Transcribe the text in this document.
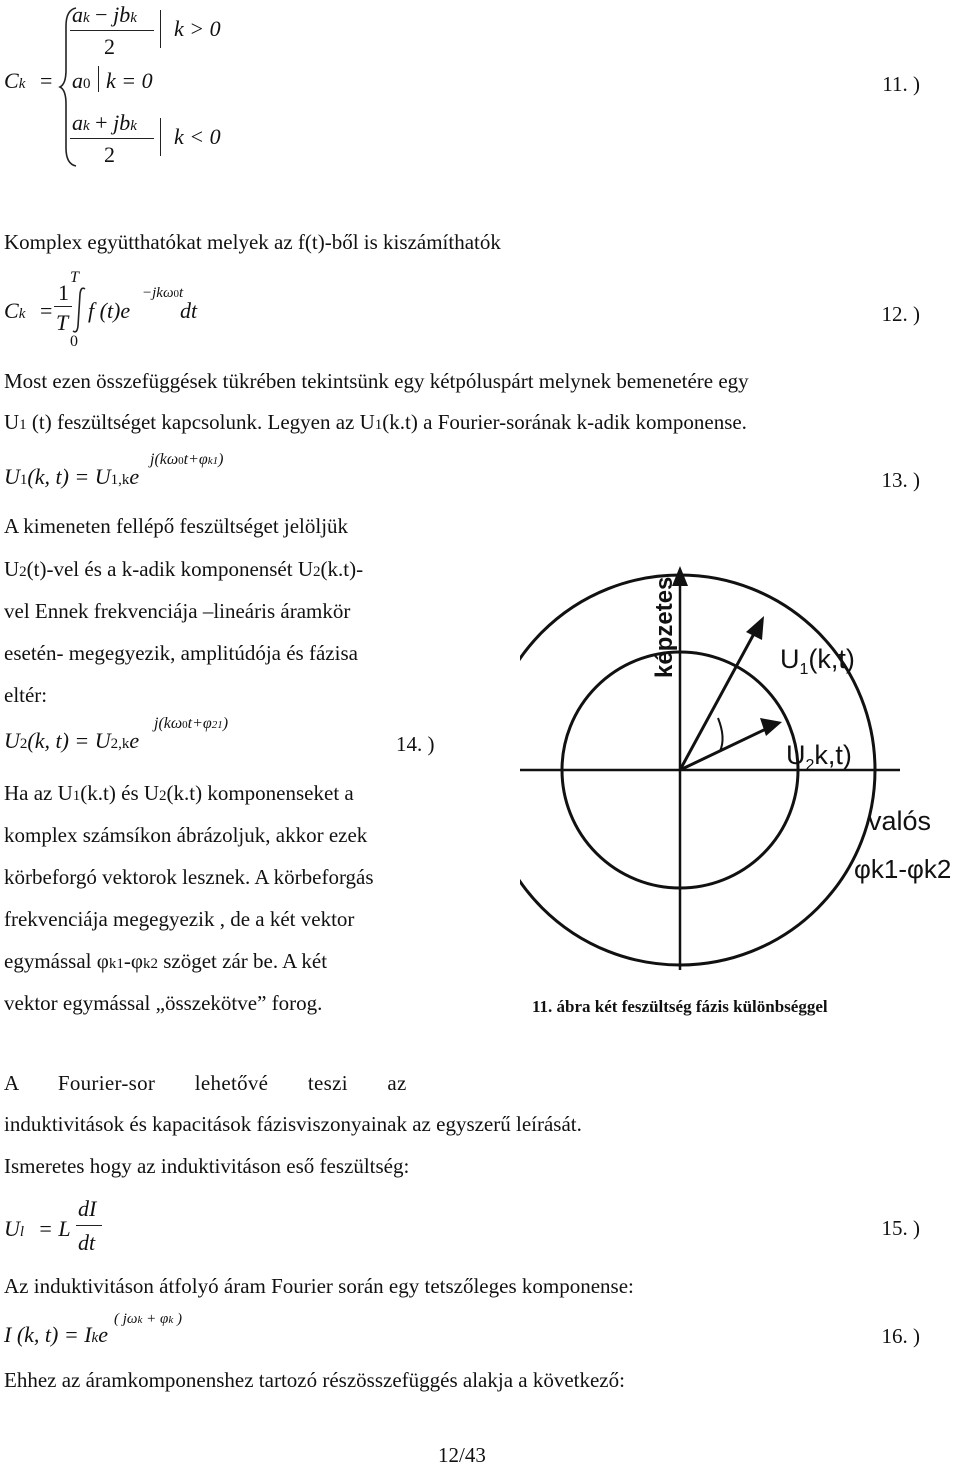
Ck =
ak − jbk
2
k > 0
a0 k = 0
ak + jbk
2
k < 0
11. )
Komplex együtthatókat melyek az f(t)-ből is kiszámíthatók
Ck =
1
T
T
0
f (t)e
−jkω0t
dt	12. )
Most ezen összefüggések tükrében tekintsünk egy kétpóluspárt melynek bemenetére egy
U1 (t) feszültséget kapcsolunk. Legyen az U1(k.t) a Fourier-sorának k-adik komponense.
U1(k, t) = U1,ke
j(kω0t+φk1)
13. )
A kimeneten fellépő feszültséget jelöljük
U2(t)-vel és a k-adik komponensét U2(k.t)-
vel Ennek frekvenciája –lineáris áramkör
esetén- megegyezik, amplitúdója és fázisa
eltér:
U2(k, t) = U2,ke
j(kω0t+φ21)
14. )
Ha az U1(k.t) és U2(k.t) komponenseket a
komplex számsíkon ábrázoljuk, akkor ezek
körbeforgó vektorok lesznek. A körbeforgás
frekvenciája megegyezik , de a két vektor
egymással φk1-φk2 szöget zár be. A két
vektor egymással „összekötve” forog.
képzetes	$U_1(k,t)$
$U_2k,t$)
valós
φk1-φk2
11. ábra két feszültség fázis különbséggel
A Fourier-sor lehetővé teszi az
induktivitások és kapacitások fázisviszonyainak az egyszerű leírását.
Ismeretes hogy az induktivitáson eső feszültség:
Ul = L
dI
dt
15. )
Az induktivitáson átfolyó áram Fourier során egy tetszőleges komponense:
I (k, t) = Ike
( jωk + φk )
16. )
Ehhez az áramkomponenshez tartozó részösszefüggés alakja a következő:
12/43
